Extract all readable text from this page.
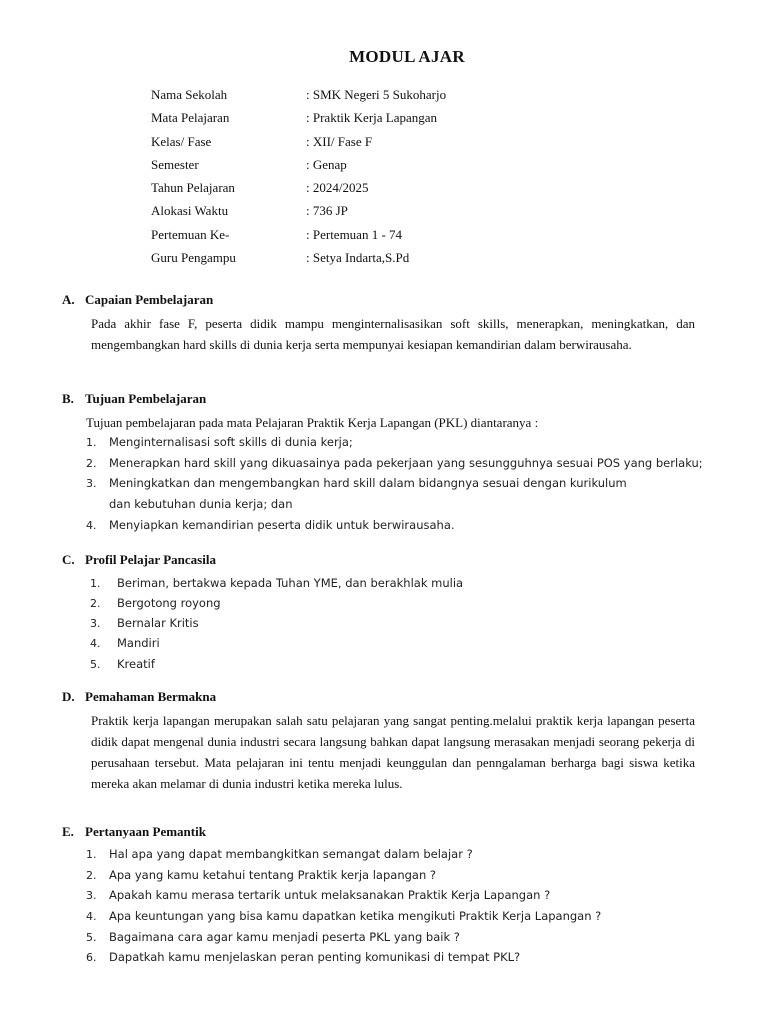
MODUL AJAR
Nama Sekolah	: SMK Negeri 5 Sukoharjo
Mata Pelajaran	: Praktik Kerja Lapangan
Kelas/ Fase	: XII/ Fase F
Semester	: Genap
Tahun Pelajaran	: 2024/2025
Alokasi Waktu	: 736 JP
Pertemuan Ke-	: Pertemuan 1 - 74
Guru Pengampu	: Setya Indarta,S.Pd
A. Capaian Pembelajaran
Pada akhir fase F, peserta didik mampu menginternalisasikan soft skills, menerapkan, meningkatkan, dan mengembangkan hard skills di dunia kerja serta mempunyai kesiapan kemandirian dalam berwirausaha.
B. Tujuan Pembelajaran
Tujuan pembelajaran pada mata Pelajaran Praktik Kerja Lapangan (PKL) diantaranya :
1. Menginternalisasi soft skills di dunia kerja;
2. Menerapkan hard skill yang dikuasainya pada pekerjaan yang sesungguhnya sesuai POS yang berlaku;
3. Meningkatkan dan mengembangkan hard skill dalam bidangnya sesuai dengan kurikulum
dan kebutuhan dunia kerja; dan
4. Menyiapkan kemandirian peserta didik untuk berwirausaha.
C. Profil Pelajar Pancasila
1. Beriman, bertakwa kepada Tuhan YME, dan berakhlak mulia
2. Bergotong royong
3. Bernalar Kritis
4. Mandiri
5. Kreatif
D. Pemahaman Bermakna
Praktik kerja lapangan merupakan salah satu pelajaran yang sangat penting.melalui praktik kerja lapangan peserta didik dapat mengenal dunia industri secara langsung bahkan dapat langsung merasakan menjadi seorang pekerja di perusahaan tersebut. Mata pelajaran ini tentu menjadi keunggulan dan penngalaman berharga bagi siswa ketika mereka akan melamar di dunia industri ketika mereka lulus.
E. Pertanyaan Pemantik
1. Hal apa yang dapat membangkitkan semangat dalam belajar ?
2. Apa yang kamu ketahui tentang Praktik kerja lapangan ?
3. Apakah kamu merasa tertarik untuk melaksanakan Praktik Kerja Lapangan ?
4. Apa keuntungan yang bisa kamu dapatkan ketika mengikuti Praktik Kerja Lapangan ?
5. Bagaimana cara agar kamu menjadi peserta PKL yang baik ?
6. Dapatkah kamu menjelaskan peran penting komunikasi di tempat PKL?
